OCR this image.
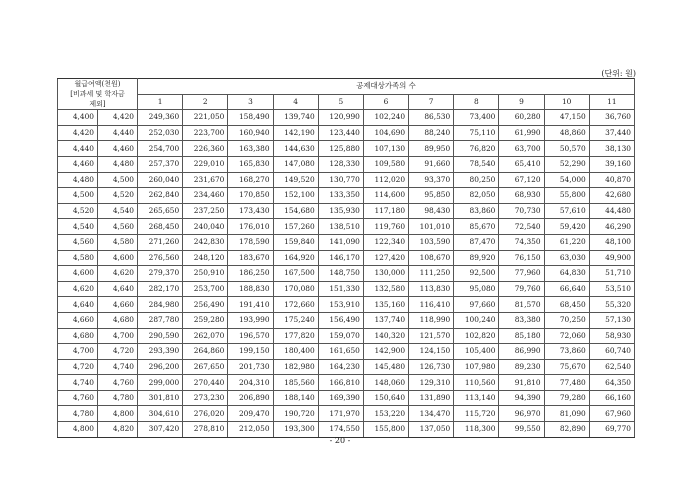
(단위: 원)
월급여액(천원)
[비과세 및 학자금
제외]		공제대상가족의 수										
		1	2	3	4	5	6	7	8	9	10	11
4,400	4,420	249,360	221,050	158,490	139,740	120,990	102,240	86,530	73,400	60,280	47,150	36,760
4,420	4,440	252,030	223,700	160,940	142,190	123,440	104,690	88,240	75,110	61,990	48,860	37,440
4,440	4,460	254,700	226,360	163,380	144,630	125,880	107,130	89,950	76,820	63,700	50,570	38,130
4,460	4,480	257,370	229,010	165,830	147,080	128,330	109,580	91,660	78,540	65,410	52,290	39,160
4,480	4,500	260,040	231,670	168,270	149,520	130,770	112,020	93,370	80,250	67,120	54,000	40,870
4,500	4,520	262,840	234,460	170,850	152,100	133,350	114,600	95,850	82,050	68,930	55,800	42,680
4,520	4,540	265,650	237,250	173,430	154,680	135,930	117,180	98,430	83,860	70,730	57,610	44,480
4,540	4,560	268,450	240,040	176,010	157,260	138,510	119,760	101,010	85,670	72,540	59,420	46,290
4,560	4,580	271,260	242,830	178,590	159,840	141,090	122,340	103,590	87,470	74,350	61,220	48,100
4,580	4,600	276,560	248,120	183,670	164,920	146,170	127,420	108,670	89,920	76,150	63,030	49,900
4,600	4,620	279,370	250,910	186,250	167,500	148,750	130,000	111,250	92,500	77,960	64,830	51,710
4,620	4,640	282,170	253,700	188,830	170,080	151,330	132,580	113,830	95,080	79,760	66,640	53,510
4,640	4,660	284,980	256,490	191,410	172,660	153,910	135,160	116,410	97,660	81,570	68,450	55,320
4,660	4,680	287,780	259,280	193,990	175,240	156,490	137,740	118,990	100,240	83,380	70,250	57,130
4,680	4,700	290,590	262,070	196,570	177,820	159,070	140,320	121,570	102,820	85,180	72,060	58,930
4,700	4,720	293,390	264,860	199,150	180,400	161,650	142,900	124,150	105,400	86,990	73,860	60,740
4,720	4,740	296,200	267,650	201,730	182,980	164,230	145,480	126,730	107,980	89,230	75,670	62,540
4,740	4,760	299,000	270,440	204,310	185,560	166,810	148,060	129,310	110,560	91,810	77,480	64,350
4,760	4,780	301,810	273,230	206,890	188,140	169,390	150,640	131,890	113,140	94,390	79,280	66,160
4,780	4,800	304,610	276,020	209,470	190,720	171,970	153,220	134,470	115,720	96,970	81,090	67,960
4,800	4,820	307,420	278,810	212,050	193,300	174,550	155,800	137,050	118,300	99,550	82,890	69,770
- 20 -
